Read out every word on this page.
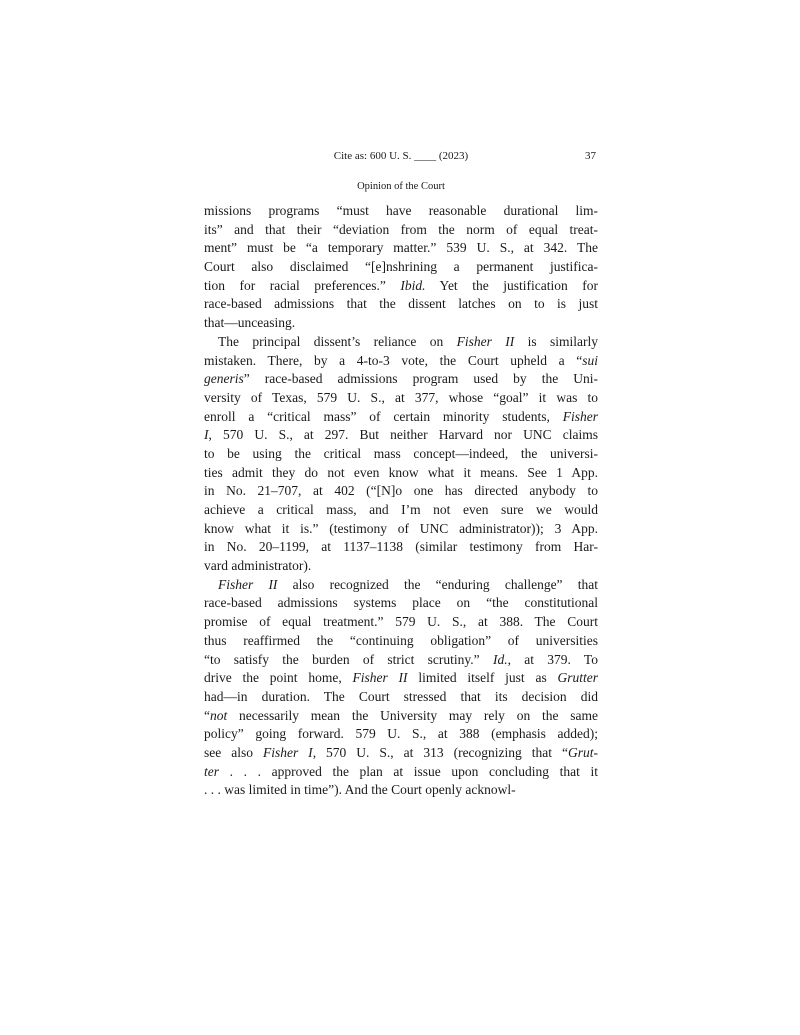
Cite as: 600 U. S. ____ (2023)	37
Opinion of the Court
missions programs “must have reasonable durational lim-
its” and that their “deviation from the norm of equal treat-
ment” must be “a temporary matter.” 539 U. S., at 342. The
Court also disclaimed “[e]nshrining a permanent justifica-
tion for racial preferences.” Ibid. Yet the justification for
race-based admissions that the dissent latches on to is just
that—unceasing.
The principal dissent’s reliance on Fisher II is similarly
mistaken. There, by a 4-to-3 vote, the Court upheld a “sui
generis” race-based admissions program used by the Uni-
versity of Texas, 579 U. S., at 377, whose “goal” it was to
enroll a “critical mass” of certain minority students, Fisher
I, 570 U. S., at 297. But neither Harvard nor UNC claims
to be using the critical mass concept—indeed, the universi-
ties admit they do not even know what it means. See 1 App.
in No. 21–707, at 402 (“[N]o one has directed anybody to
achieve a critical mass, and I’m not even sure we would
know what it is.” (testimony of UNC administrator)); 3 App.
in No. 20–1199, at 1137–1138 (similar testimony from Har-
vard administrator).
Fisher II also recognized the “enduring challenge” that
race-based admissions systems place on “the constitutional
promise of equal treatment.” 579 U. S., at 388. The Court
thus reaffirmed the “continuing obligation” of universities
“to satisfy the burden of strict scrutiny.” Id., at 379. To
drive the point home, Fisher II limited itself just as Grutter
had—in duration. The Court stressed that its decision did
“not necessarily mean the University may rely on the same
policy” going forward. 579 U. S., at 388 (emphasis added);
see also Fisher I, 570 U. S., at 313 (recognizing that “Grut-
ter . . . approved the plan at issue upon concluding that it
. . . was limited in time”). And the Court openly acknowl-
